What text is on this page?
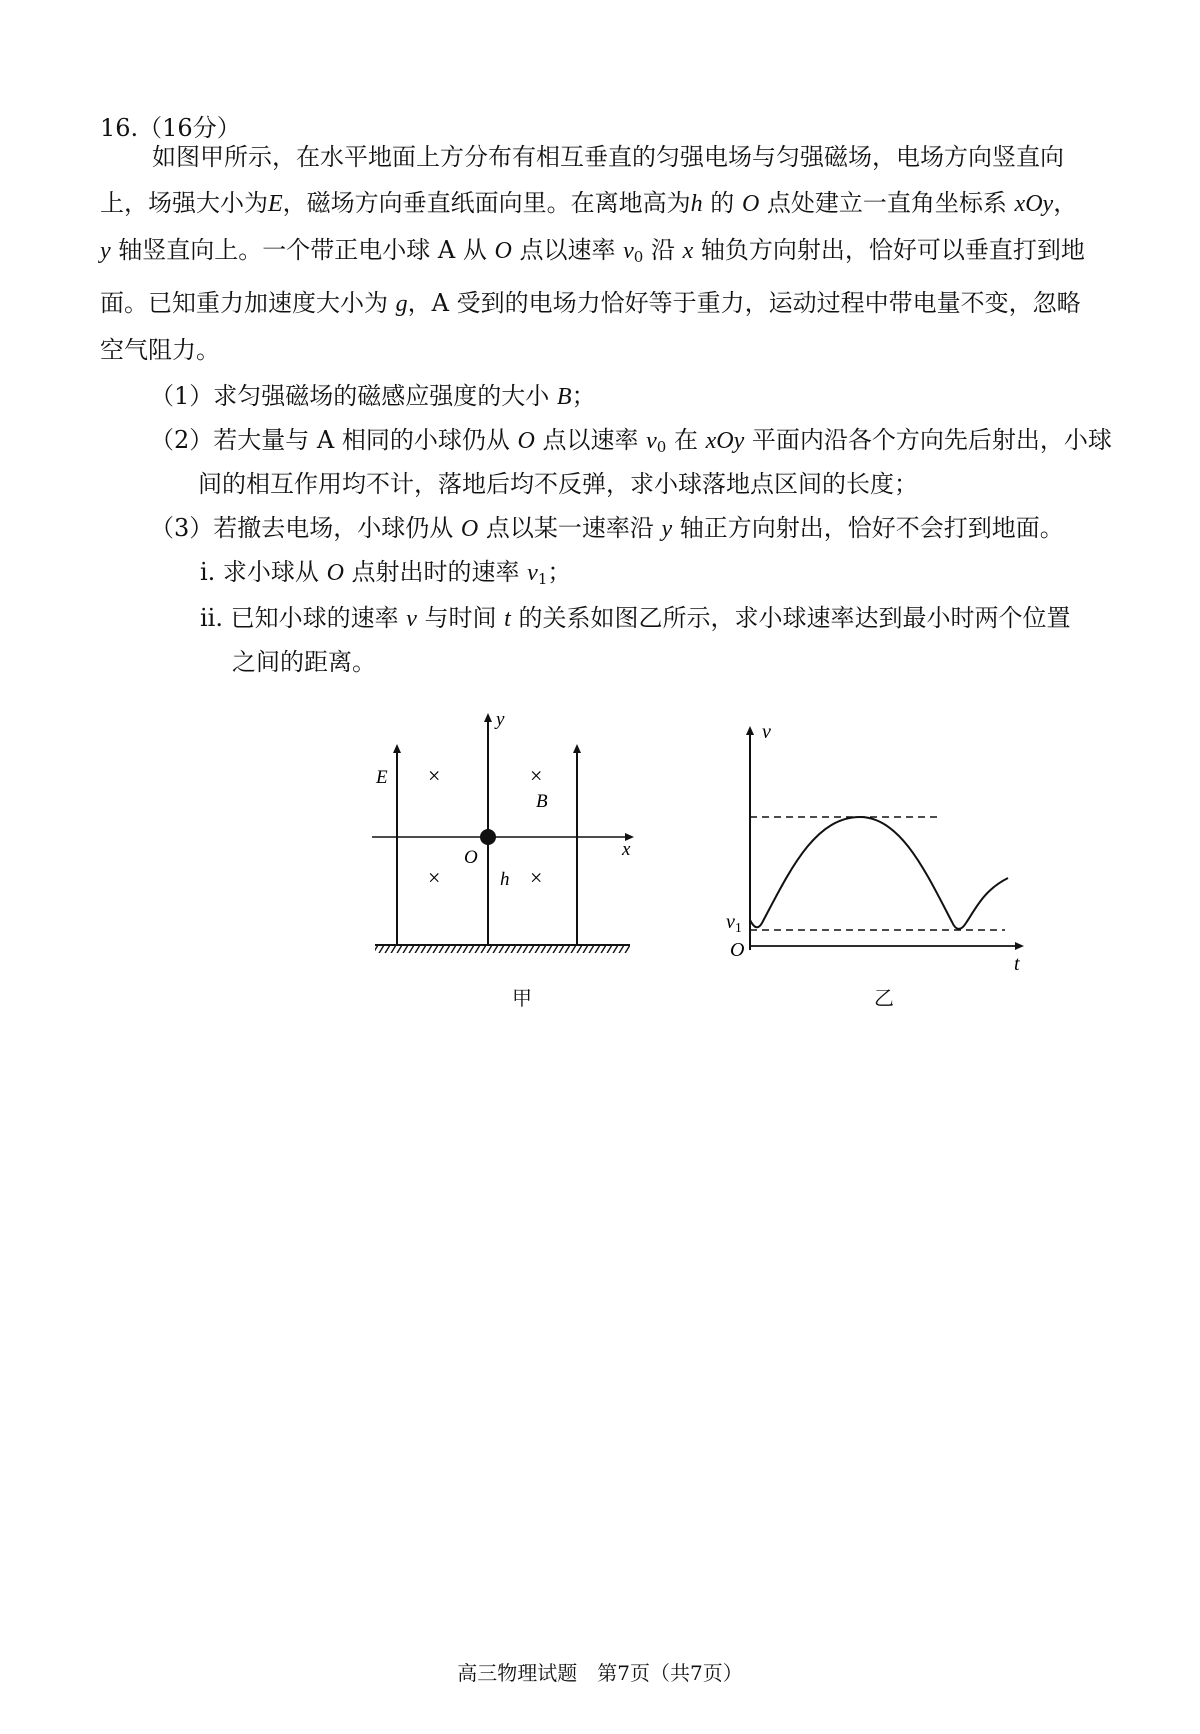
16.（16分）

如图甲所示，在水平地面上方分布有相互垂直的匀强电场与匀强磁场，电场方向竖直向

上，场强大小为E，磁场方向垂直纸面向里。在离地高为h 的 O 点处建立一直角坐标系 xOy，

y 轴竖直向上。一个带正电小球 A 从 O 点以速率 $v_0$ 沿 x 轴负方向射出，恰好可以垂直打到地

面。已知重力加速度大小为 g，A 受到的电场力恰好等于重力，运动过程中带电量不变，忽略

空气阻力。

（1）求匀强磁场的磁感应强度的大小 B；
（2）若大量与 A 相同的小球仍从 O 点以速率 $v_0$ 在 xOy 平面内沿各个方向先后射出，小球
间的相互作用均不计，落地后均不反弹，求小球落地点区间的长度；
（3）若撤去电场，小球仍从 O 点以某一速率沿 y 轴正方向射出，恰好不会打到地面。
i. 求小球从 O 点射出时的速率 $v_1$；
ii. 已知小球的速率 v 与时间 t 的关系如图乙所示，求小球速率达到最小时两个位置
之间的距离。
E
y
B
O	x
h
×	×
×	×
甲
v
t
O
$v_1$
乙
高三物理试题　第7页（共7页）
